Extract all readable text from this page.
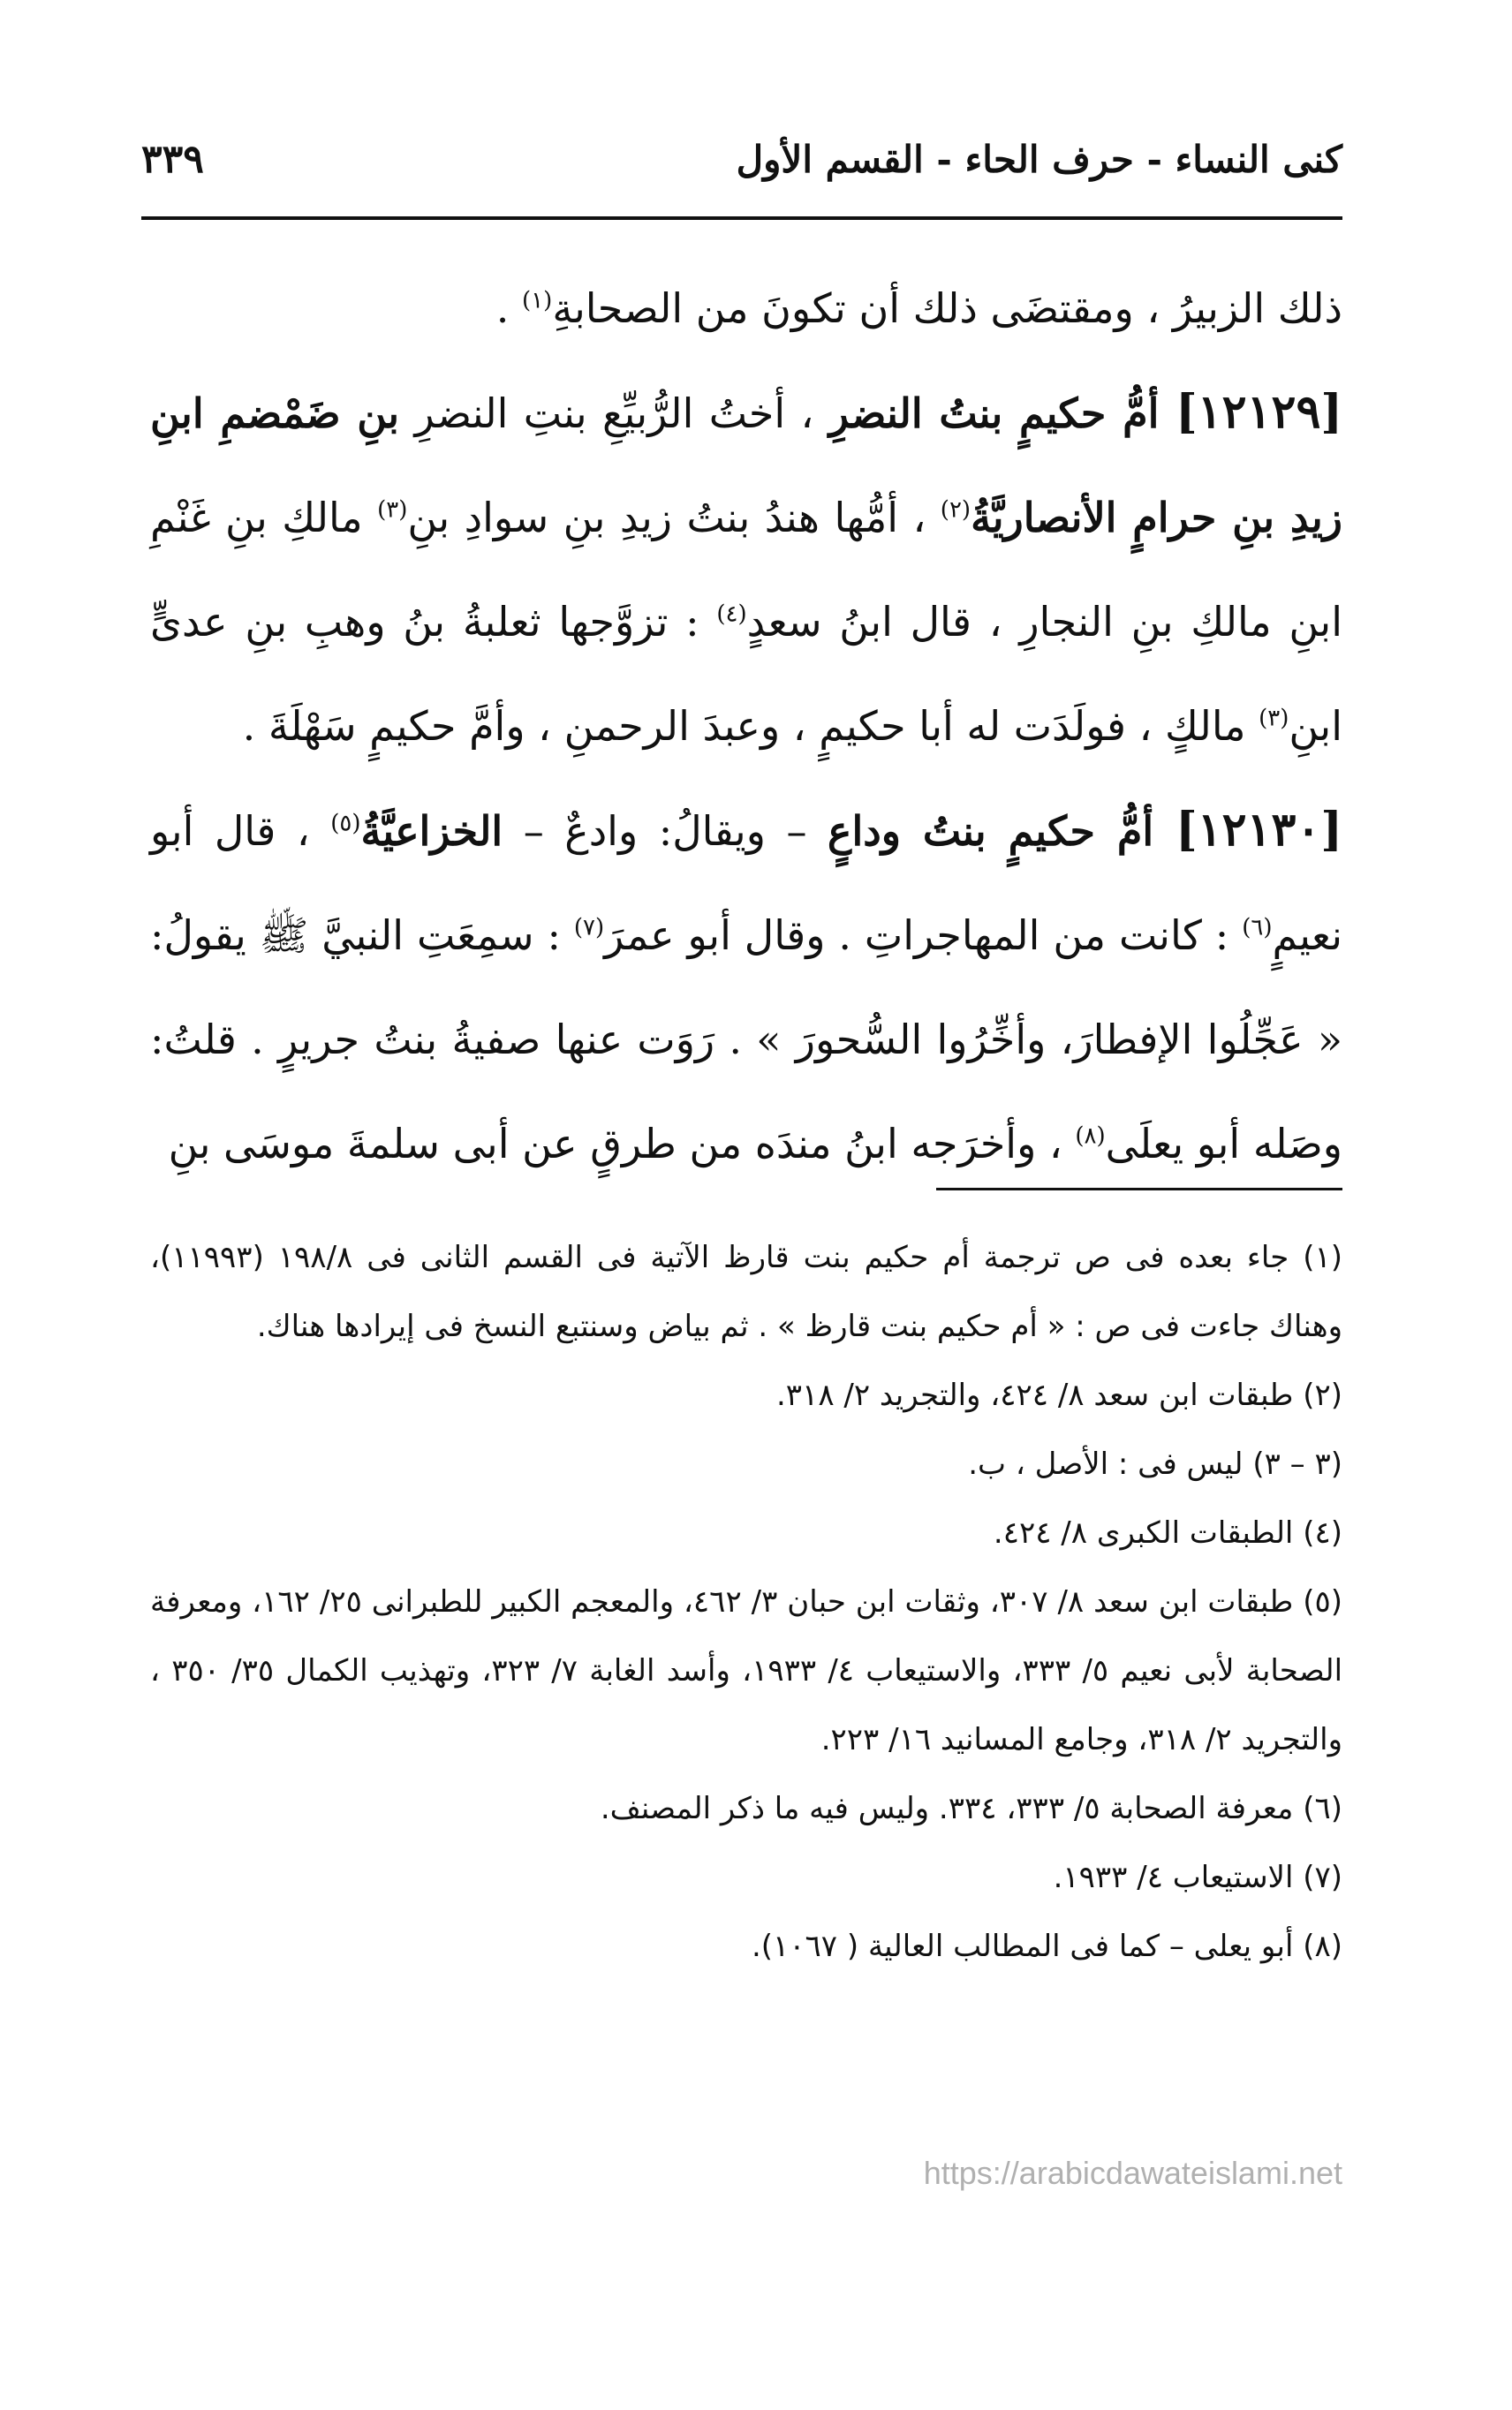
٣٣٩	كنى النساء - حرف الحاء - القسم الأول

ذلك الزبيرُ ، ومقتضَى ذلك أن تكونَ من الصحابةِ$^{(١)}$ .

[١٢١٢٩] أمُّ حكيمٍ بنتُ النضرِ ، أختُ الرُّبيِّعِ بنتِ النضرِ بنِ ضَمْضمِ ابنِ زيدِ بنِ حرامٍ الأنصاريَّةُ$^{(٢)}$ ، أمُّها هندُ بنتُ زيدِ بنِ سوادِ بنِ$^{(٣)}$ مالكِ بنِ غَنْمِ ابنِ مالكِ بنِ النجارِ ، قال ابنُ سعدٍ$^{(٤)}$ : تزوَّجها ثعلبةُ بنُ وهبِ بنِ عدىٍّ ابنِ$^{(٣)}$ مالكٍ ، فولَدَت له أبا حكيمٍ ، وعبدَ الرحمنِ ، وأمَّ حكيمٍ سَهْلَةَ .

[١٢١٣٠] أمُّ حكيمٍ بنتُ وداعٍ – ويقالُ: وادعٌ – الخزاعيَّةُ$^{(٥)}$ ، قال أبو نعيمٍ$^{(٦)}$ : كانت من المهاجراتِ . وقال أبو عمرَ$^{(٧)}$ : سمِعَتِ النبيَّ ﷺ يقولُ: « عَجِّلُوا الإفطارَ، وأخِّرُوا السُّحورَ » . رَوَت عنها صفيةُ بنتُ جريرٍ . قلتُ: وصَله أبو يعلَى$^{(٨)}$ ، وأخرَجه ابنُ مندَه من طرقٍ عن أبى سلمةَ موسَى بنِ

(١) جاء بعده فى ص ترجمة أم حكيم بنت قارظ الآتية فى القسم الثانى فى ١٩٨/٨ (١١٩٩٣)، وهناك جاءت فى ص : « أم حكيم بنت قارظ » . ثم بياض وسنتبع النسخ فى إيرادها هناك.

(٢) طبقات ابن سعد ٨/ ٤٢٤، والتجريد ٢/ ٣١٨.

(٣ – ٣) ليس فى : الأصل ، ب.

(٤) الطبقات الكبرى ٨/ ٤٢٤.

(٥) طبقات ابن سعد ٨/ ٣٠٧، وثقات ابن حبان ٣/ ٤٦٢، والمعجم الكبير للطبرانى ٢٥/ ١٦٢، ومعرفة الصحابة لأبى نعيم ٥/ ٣٣٣، والاستيعاب ٤/ ١٩٣٣، وأسد الغابة ٧/ ٣٢٣، وتهذيب الكمال ٣٥/ ٣٥٠ ، والتجريد ٢/ ٣١٨، وجامع المسانيد ١٦/ ٢٢٣.

(٦) معرفة الصحابة ٥/ ٣٣٣، ٣٣٤. وليس فيه ما ذكر المصنف.

(٧) الاستيعاب ٤/ ١٩٣٣.

(٨) أبو يعلى – كما فى المطالب العالية ( ١٠٦٧).

https://arabicdawateislami.net
